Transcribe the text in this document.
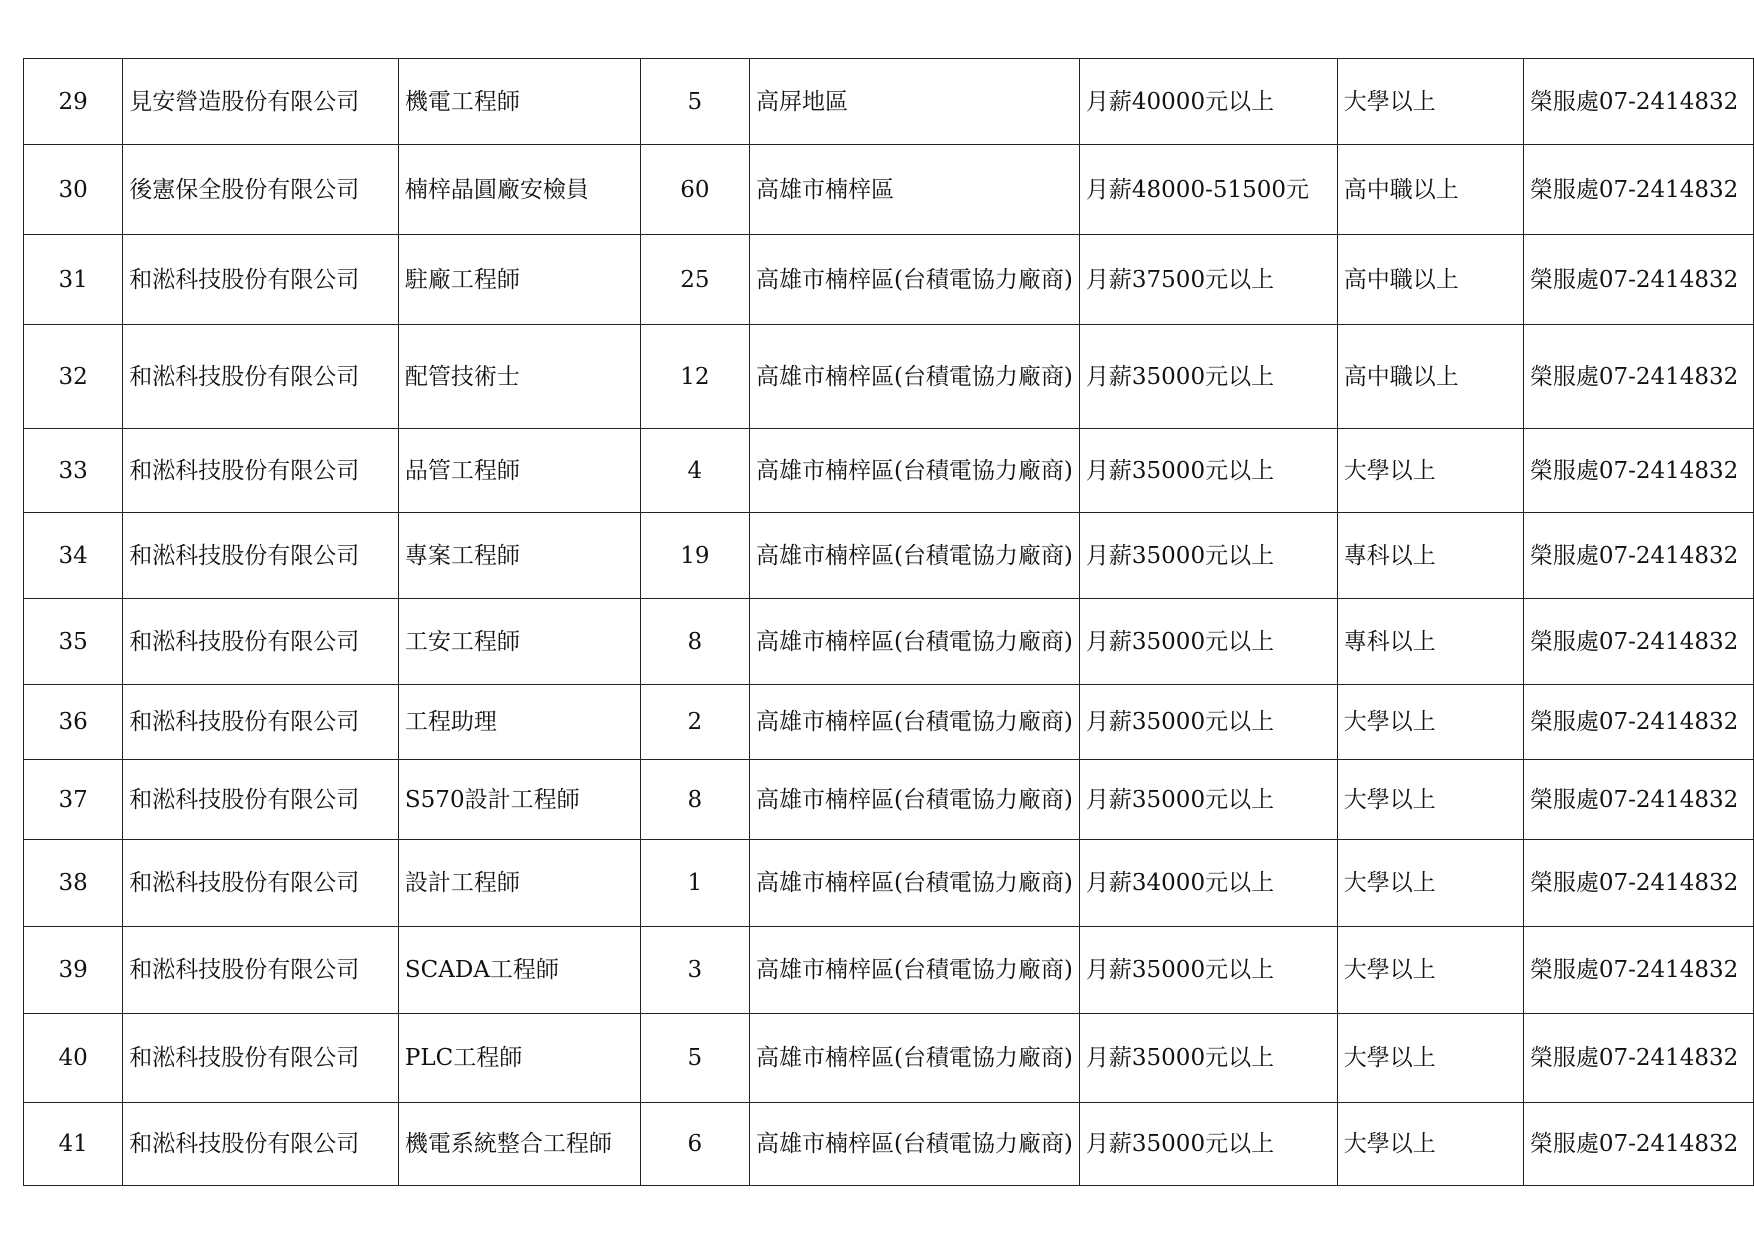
29	見安營造股份有限公司	機電工程師	5	高屏地區	月薪40000元以上	大學以上	榮服處07-2414832
30	後憲保全股份有限公司	楠梓晶圓廠安檢員	60	高雄市楠梓區	月薪48000-51500元	高中職以上	榮服處07-2414832
31	和淞科技股份有限公司	駐廠工程師	25	高雄市楠梓區(台積電協力廠商)	月薪37500元以上	高中職以上	榮服處07-2414832
32	和淞科技股份有限公司	配管技術士	12	高雄市楠梓區(台積電協力廠商)	月薪35000元以上	高中職以上	榮服處07-2414832
33	和淞科技股份有限公司	品管工程師	4	高雄市楠梓區(台積電協力廠商)	月薪35000元以上	大學以上	榮服處07-2414832
34	和淞科技股份有限公司	專案工程師	19	高雄市楠梓區(台積電協力廠商)	月薪35000元以上	專科以上	榮服處07-2414832
35	和淞科技股份有限公司	工安工程師	8	高雄市楠梓區(台積電協力廠商)	月薪35000元以上	專科以上	榮服處07-2414832
36	和淞科技股份有限公司	工程助理	2	高雄市楠梓區(台積電協力廠商)	月薪35000元以上	大學以上	榮服處07-2414832
37	和淞科技股份有限公司	S570設計工程師	8	高雄市楠梓區(台積電協力廠商)	月薪35000元以上	大學以上	榮服處07-2414832
38	和淞科技股份有限公司	設計工程師	1	高雄市楠梓區(台積電協力廠商)	月薪34000元以上	大學以上	榮服處07-2414832
39	和淞科技股份有限公司	SCADA工程師	3	高雄市楠梓區(台積電協力廠商)	月薪35000元以上	大學以上	榮服處07-2414832
40	和淞科技股份有限公司	PLC工程師	5	高雄市楠梓區(台積電協力廠商)	月薪35000元以上	大學以上	榮服處07-2414832
41	和淞科技股份有限公司	機電系統整合工程師	6	高雄市楠梓區(台積電協力廠商)	月薪35000元以上	大學以上	榮服處07-2414832
